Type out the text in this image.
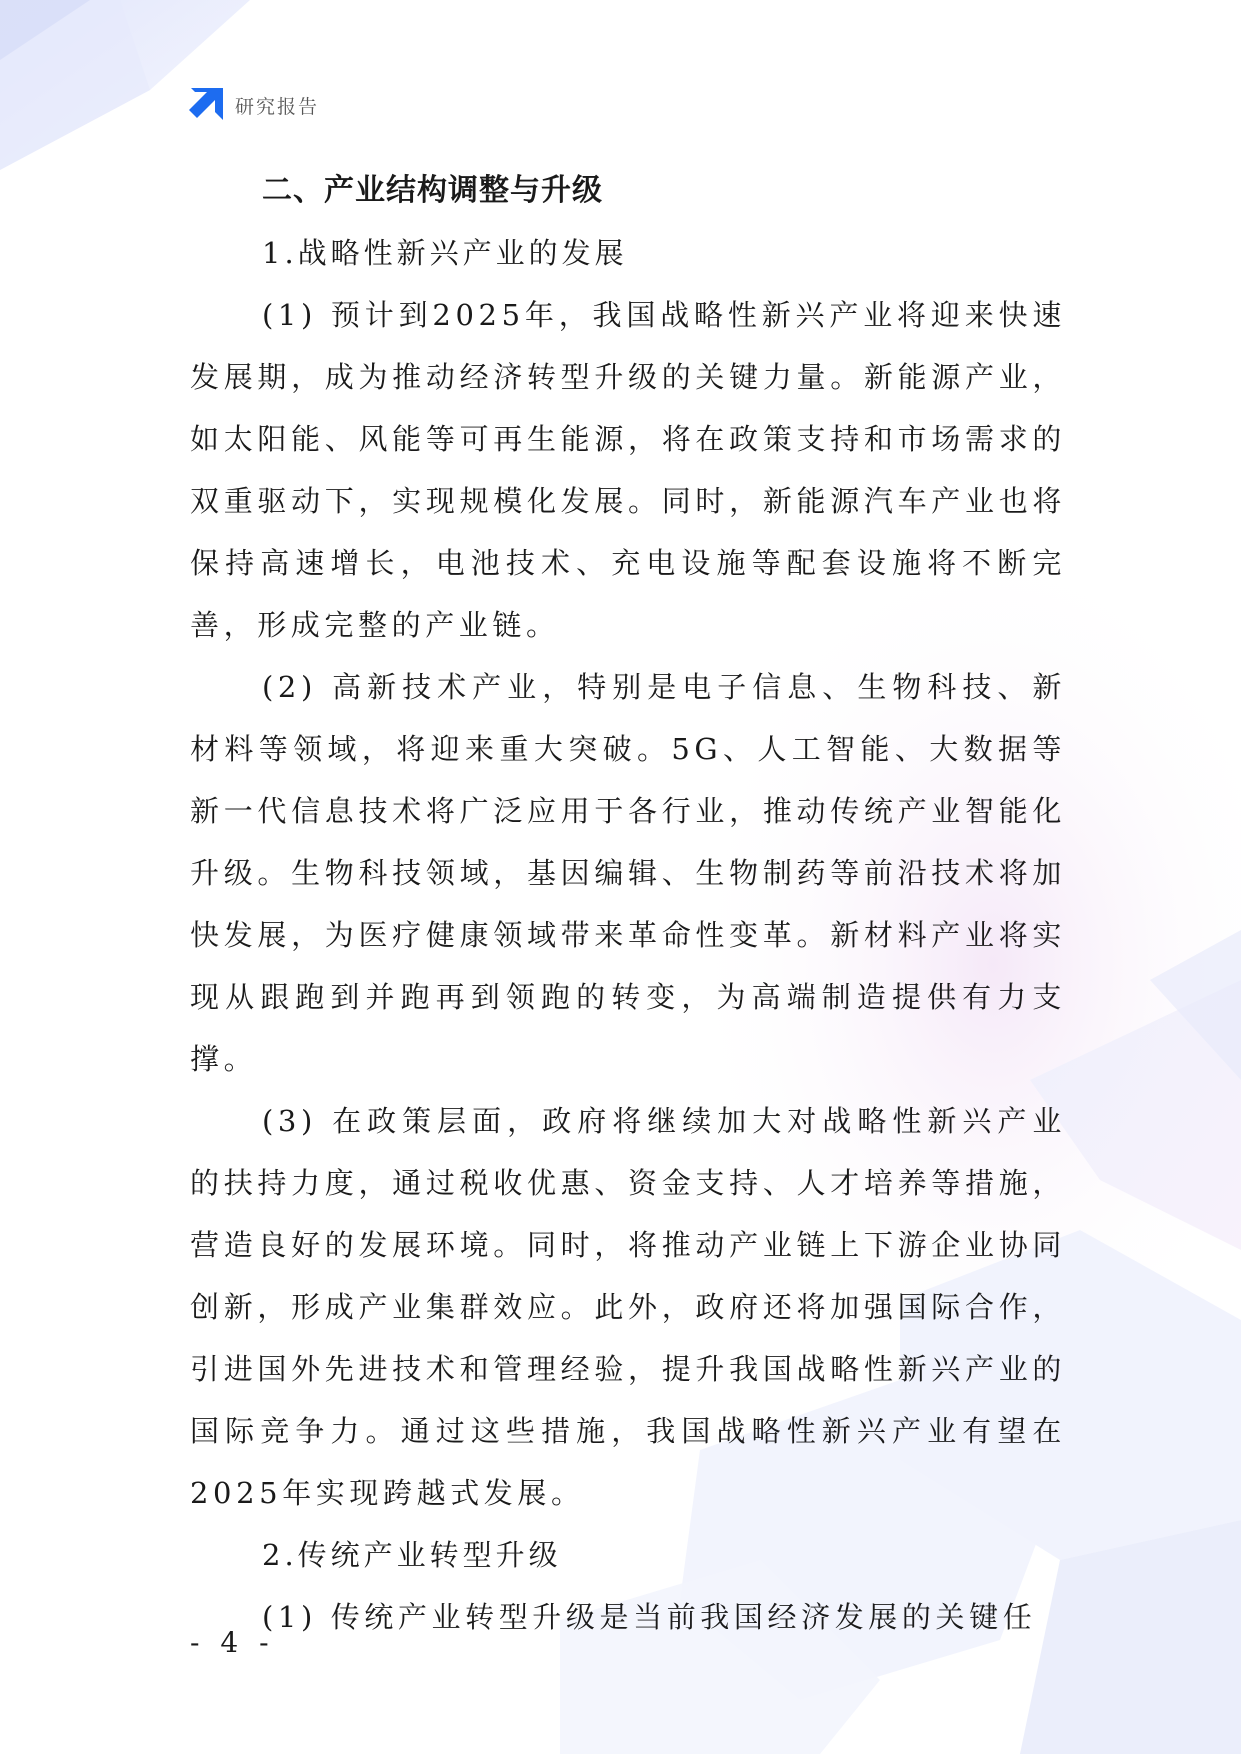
研究报告
二、产业结构调整与升级
1.战略性新兴产业的发展

(1) 预计到2025年，我国战略性新兴产业将迎来快速发展期，成为推动经济转型升级的关键力量。新能源产业，如太阳能、风能等可再生能源，将在政策支持和市场需求的双重驱动下，实现规模化发展。同时，新能源汽车产业也将保持高速增长，电池技术、充电设施等配套设施将不断完善，形成完整的产业链。

(2) 高新技术产业，特别是电子信息、生物科技、新材料等领域，将迎来重大突破。5G、人工智能、大数据等新一代信息技术将广泛应用于各行业，推动传统产业智能化升级。生物科技领域，基因编辑、生物制药等前沿技术将加快发展，为医疗健康领域带来革命性变革。新材料产业将实现从跟跑到并跑再到领跑的转变，为高端制造提供有力支撑。

(3) 在政策层面，政府将继续加大对战略性新兴产业的扶持力度，通过税收优惠、资金支持、人才培养等措施，营造良好的发展环境。同时，将推动产业链上下游企业协同创新，形成产业集群效应。此外，政府还将加强国际合作，引进国外先进技术和管理经验，提升我国战略性新兴产业的国际竞争力。通过这些措施，我国战略性新兴产业有望在2025年实现跨越式发展。

2.传统产业转型升级

(1) 传统产业转型升级是当前我国经济发展的关键任

- 4 -
